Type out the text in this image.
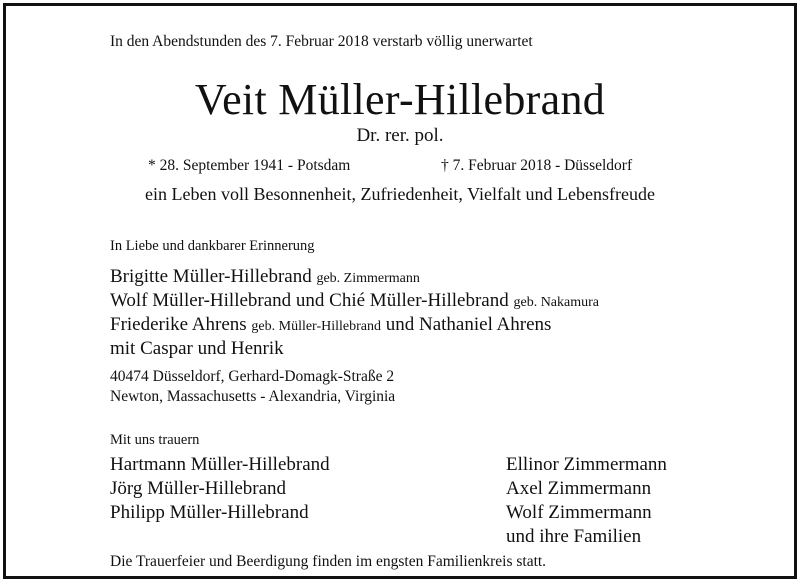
In den Abendstunden des 7. Februar 2018 verstarb völlig unerwartet
Veit Müller-Hillebrand
Dr. rer. pol.
* 28. September 1941 - Potsdam	† 7. Februar 2018 - Düsseldorf
ein Leben voll Besonnenheit, Zufriedenheit, Vielfalt und Lebensfreude
In Liebe und dankbarer Erinnerung
Brigitte Müller-Hillebrand geb. Zimmermann
Wolf Müller-Hillebrand und Chié Müller-Hillebrand geb. Nakamura
Friederike Ahrens geb. Müller-Hillebrand und Nathaniel Ahrens
mit Caspar und Henrik
40474 Düsseldorf, Gerhard-Domagk-Straße 2
Newton, Massachusetts - Alexandria, Virginia
Mit uns trauern
Hartmann Müller-Hillebrand
Jörg Müller-Hillebrand
Philipp Müller-Hillebrand
Ellinor Zimmermann
Axel Zimmermann
Wolf Zimmermann
und ihre Familien
Die Trauerfeier und Beerdigung finden im engsten Familienkreis statt.
